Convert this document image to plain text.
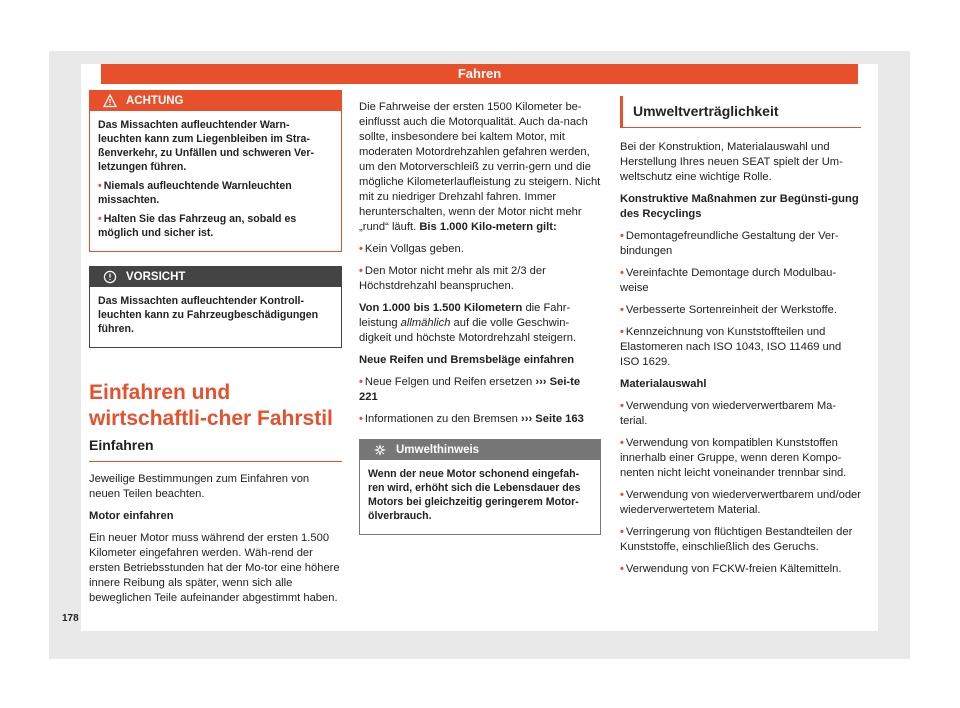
Fahren
178
ACHTUNG

Das Missachten aufleuchtender Warn-leuchten kann zum Liegenbleiben im Stra-ßenverkehr, zu Unfällen und schweren Ver-letzungen führen.

• Niemals aufleuchtende Warnleuchten missachten.

• Halten Sie das Fahrzeug an, sobald es möglich und sicher ist.

VORSICHT

Das Missachten aufleuchtender Kontroll-leuchten kann zu Fahrzeugbeschädigungen führen.

Einfahren und wirtschaftli-cher Fahrstil
Einfahren

Jeweilige Bestimmungen zum Einfahren von neuen Teilen beachten.

Motor einfahren

Ein neuer Motor muss während der ersten 1.500 Kilometer eingefahren werden. Wäh-rend der ersten Betriebsstunden hat der Mo-tor eine höhere innere Reibung als später, wenn sich alle beweglichen Teile aufeinander abgestimmt haben.

Die Fahrweise der ersten 1500 Kilometer be-einflusst auch die Motorqualität. Auch da-nach sollte, insbesondere bei kaltem Motor, mit moderaten Motordrehzahlen gefahren werden, um den Motorverschleiß zu verrin-gern und die mögliche Kilometerlaufleistung zu steigern. Nicht mit zu niedriger Drehzahl fahren. Immer herunterschalten, wenn der Motor nicht mehr „rund“ läuft. Bis 1.000 Kilo-metern gilt:

• Kein Vollgas geben.

• Den Motor nicht mehr als mit 2/3 der Höchstdrehzahl beanspruchen.

Von 1.000 bis 1.500 Kilometern die Fahr-leistung allmählich auf die volle Geschwin-digkeit und höchste Motordrehzahl steigern.

Neue Reifen und Bremsbeläge einfahren

• Neue Felgen und Reifen ersetzen ››› Sei-te 221

• Informationen zu den Bremsen ››› Seite 163

Umwelthinweis

Wenn der neue Motor schonend eingefah-ren wird, erhöht sich die Lebensdauer des Motors bei gleichzeitig geringerem Motor-ölverbrauch.

Umweltverträglichkeit

Bei der Konstruktion, Materialauswahl und Herstellung Ihres neuen SEAT spielt der Um-weltschutz eine wichtige Rolle.

Konstruktive Maßnahmen zur Begünsti-gung des Recyclings

• Demontagefreundliche Gestaltung der Ver-bindungen

• Vereinfachte Demontage durch Modulbau-weise

• Verbesserte Sortenreinheit der Werkstoffe.

• Kennzeichnung von Kunststoffteilen und Elastomeren nach ISO 1043, ISO 11469 und ISO 1629.

Materialauswahl

• Verwendung von wiederverwertbarem Ma-terial.

• Verwendung von kompatiblen Kunststoffen innerhalb einer Gruppe, wenn deren Kompo-nenten nicht leicht voneinander trennbar sind.

• Verwendung von wiederverwertbarem und/oder wiederverwertetem Material.

• Verringerung von flüchtigen Bestandteilen der Kunststoffe, einschließlich des Geruchs.

• Verwendung von FCKW-freien Kältemitteln.
